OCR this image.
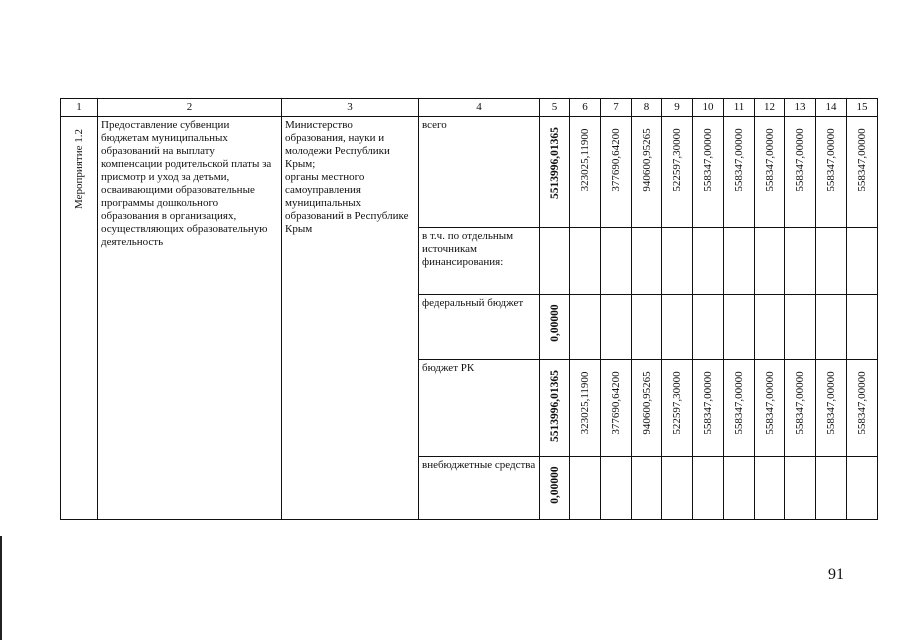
1	2	3	4	5	6	7	8	9	10	11	12	13	14	15

Мероприятие 1.2	Предоставление субвенции бюджетам муниципальных образований на выплату компенсации родительской платы за присмотр и уход за детьми, осваивающими образовательные программы дошкольного образования в организациях, осуществляющих образовательную деятельность	Министерство образования, науки и молодежи Республики Крым;
органы местного самоуправления муниципальных образований в Республике Крым	всего	5513996,01365	323025,11900	377690,64200	940600,95265	522597,30000	558347,00000	558347,00000	558347,00000	558347,00000	558347,00000	558347,00000

			в т.ч. по отдельным источникам финансирования:											

			федеральный бюджет	0,00000										

			бюджет РК	5513996,01365	323025,11900	377690,64200	940600,95265	522597,30000	558347,00000	558347,00000	558347,00000	558347,00000	558347,00000	558347,00000

			внебюджетные средства	0,00000										

91
